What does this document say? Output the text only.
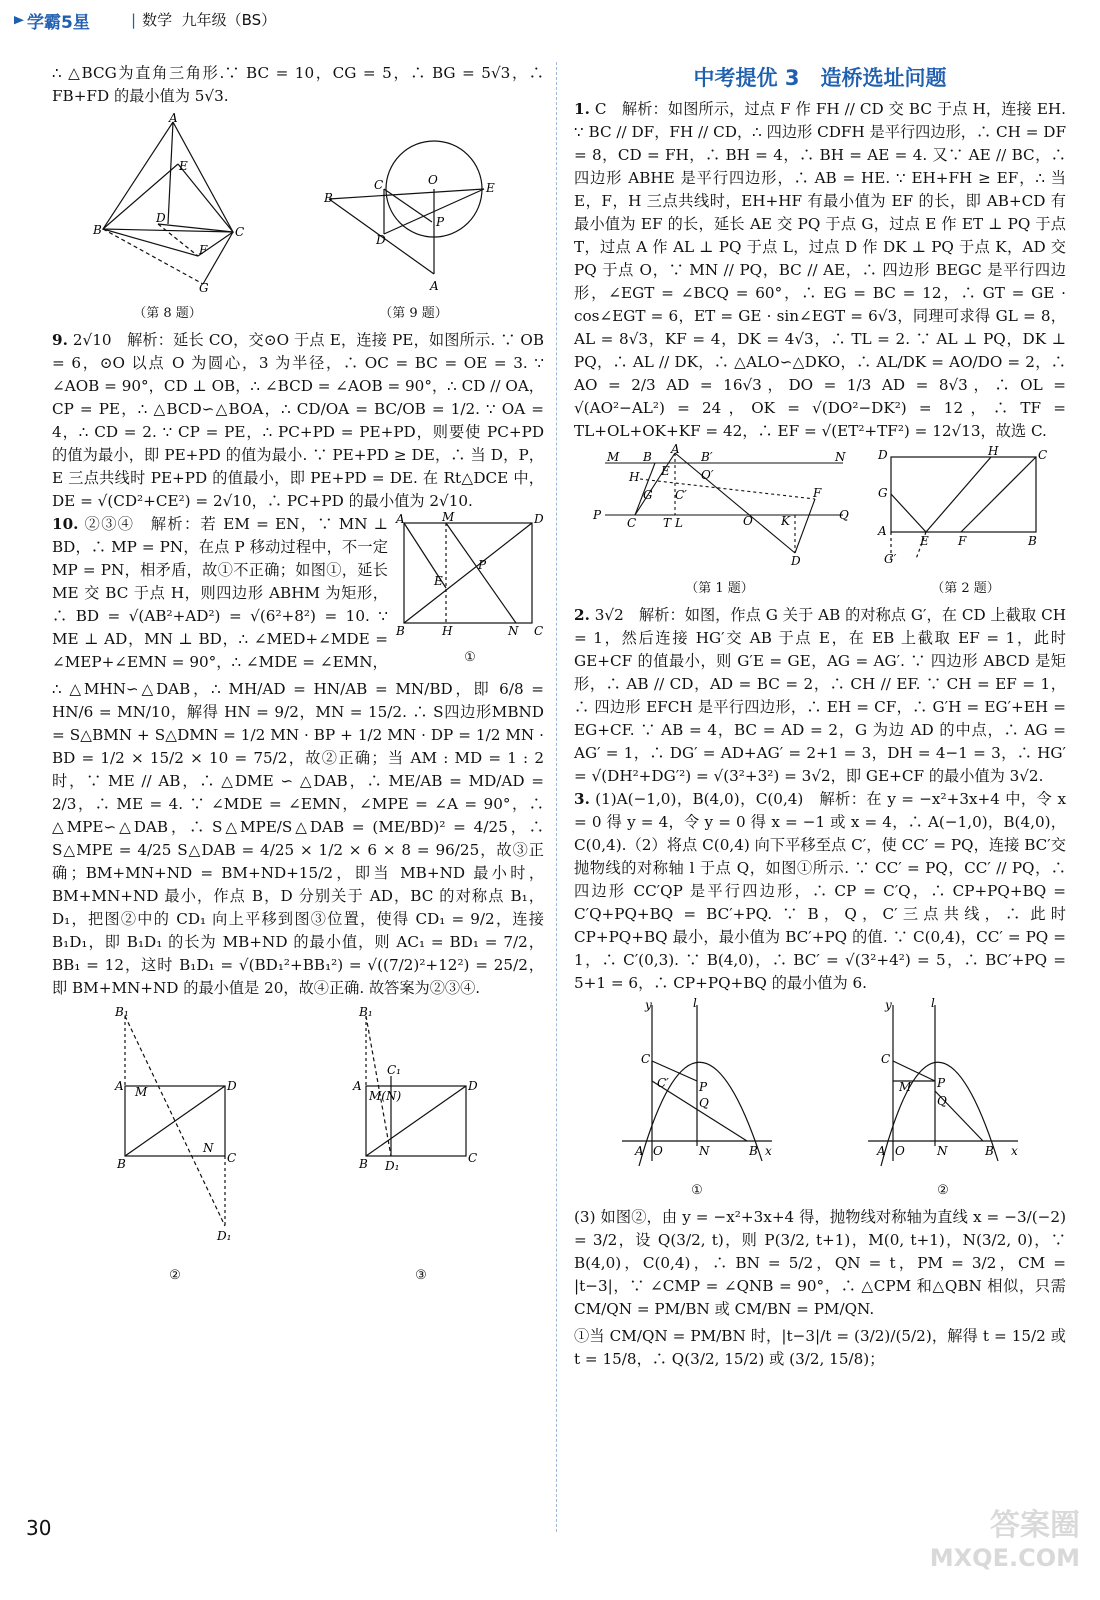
学霸5星	| 数学 九年级（BS）

∴ △BCG为直角三角形.∵ BC = 10，CG = 5，∴ BG = 5√3，∴ FB+FD 的最小值为 5√3.

A
E
B	C
D
F
G
（第 8 题）
B
C	O
E
D
P
A
（第 9 题）

9. 2√10　解析：延长 CO，交⊙O 于点 E，连接 PE，如图所示. ∵ OB = 6，⊙O 以点 O 为圆心，3 为半径，∴ OC = BC = OE = 3. ∵ ∠AOB = 90°，CD ⊥ OB，∴ ∠BCD = ∠AOB = 90°，∴ CD // OA，CP = PE，∴ △BCD∽△BOA，∴ CD/OA = BC/OB = 1/2. ∵ OA = 4，∴ CD = 2. ∵ CP = PE，∴ PC+PD = PE+PD，则要使 PC+PD 的值为最小，即 PE+PD 的值为最小. ∵ PE+PD ≥ DE，∴ 当 D，P，E 三点共线时 PE+PD 的值最小，即 PE+PD = DE. 在 Rt△DCE 中，DE = √(CD²+CE²) = 2√10，∴ PC+PD 的最小值为 2√10.

10. ②③④　解析：若 EM = EN，∵ MN ⊥ BD，∴ MP = PN，在点 P 移动过程中，不一定 MP = PN，相矛盾，故①不正确；如图①，延长 ME 交 BC 于点 H，则四边形 ABHM 为矩形，∴ BD = √(AB²+AD²) = √(6²+8²) = 10. ∵ ME ⊥ AD，MN ⊥ BD，∴ ∠MED+∠MDE = ∠MEP+∠EMN = 90°，∴ ∠MDE = ∠EMN，

A	M	D
B	H	N C
E
P
①

∴ △MHN∽△DAB，∴ MH/AD = HN/AB = MN/BD，即 6/8 = HN/6 = MN/10，解得 HN = 9/2，MN = 15/2. ∴ S四边形MBND = S△BMN + S△DMN = 1/2 MN · BP + 1/2 MN · DP = 1/2 MN · BD = 1/2 × 15/2 × 10 = 75/2，故②正确；当 AM : MD = 1 : 2 时，∵ ME // AB，∴ △DME ∽ △DAB，∴ ME/AB = MD/AD = 2/3，∴ ME = 4. ∵ ∠MDE = ∠EMN，∠MPE = ∠A = 90°，∴ △MPE∽△DAB，∴ S△MPE/S△DAB = (ME/BD)² = 4/25，∴ S△MPE = 4/25 S△DAB = 4/25 × 1/2 × 6 × 8 = 96/25，故③正确；BM+MN+ND = BM+ND+15/2，即当 MB+ND 最小时，BM+MN+ND 最小，作点 B，D 分别关于 AD，BC 的对称点 B₁，D₁，把图②中的 CD₁ 向上平移到图③位置，使得 CD₁ = 9/2，连接 B₁D₁，即 B₁D₁ 的长为 MB+ND 的最小值，则 AC₁ = BD₁ = 7/2，BB₁ = 12，这时 B₁D₁ = √(BD₁²+BB₁²) = √((7/2)²+12²) = 25/2，即 BM+MN+ND 的最小值是 20，故④正确. 故答案为②③④.

B₁
A M	D
B	C
N
D₁
②
B₁
A
C₁
M(N)
D
B D₁
C
③
中考提优 3　造桥选址问题

1. C　解析：如图所示，过点 F 作 FH // CD 交 BC 于点 H，连接 EH. ∵ BC // DF，FH // CD，∴ 四边形 CDFH 是平行四边形，∴ CH = DF = 8，CD = FH，∴ BH = 4，∴ BH = AE = 4. 又∵ AE // BC，∴ 四边形 ABHE 是平行四边形，∴ AB = HE. ∵ EH+FH ≥ EF，∴ 当 E，F，H 三点共线时，EH+HF 有最小值为 EF 的长，即 AB+CD 有最小值为 EF 的长，延长 AE 交 PQ 于点 G，过点 E 作 ET ⊥ PQ 于点 T，过点 A 作 AL ⊥ PQ 于点 L，过点 D 作 DK ⊥ PQ 于点 K，AD 交 PQ 于点 O，∵ MN // PQ，BC // AE，∴ 四边形 BEGC 是平行四边形，∠EGT = ∠BCQ = 60°，∴ EG = BC = 12，∴ GT = GE · cos∠EGT = 6，ET = GE · sin∠EGT = 6√3，同理可求得 GL = 8，AL = 8√3，KF = 4，DK = 4√3，∴ TL = 2. ∵ AL ⊥ PQ，DK ⊥ PQ，∴ AL // DK，∴ △ALO∽△DKO，∴ AL/DK = AO/DO = 2，∴ AO = 2/3 AD = 16√3，DO = 1/3 AD = 8√3，∴ OL = √(AO²−AL²) = 24，OK = √(DO²−DK²) = 12，∴ TF = TL+OL+OK+KF = 42，∴ EF = √(ET²+TF²) = 12√13，故选 C.

M	N
P	Q
A
B	B′
H	O′
C T L	O K
F
D
G C′
E
（第 1 题）
D	H	C
G
A
E F	B
G′
（第 2 题）

2. 3√2　解析：如图，作点 G 关于 AB 的对称点 G′，在 CD 上截取 CH = 1，然后连接 HG′交 AB 于点 E，在 EB 上截取 EF = 1，此时 GE+CF 的值最小，则 G′E = GE，AG = AG′. ∵ 四边形 ABCD 是矩形，∴ AB // CD，AD = BC = 2，∴ CH // EF. ∵ CH = EF = 1，∴ 四边形 EFCH 是平行四边形，∴ EH = CF，∴ G′H = EG′+EH = EG+CF. ∵ AB = 4，BC = AD = 2，G 为边 AD 的中点，∴ AG = AG′ = 1，∴ DG′ = AD+AG′ = 2+1 = 3，DH = 4−1 = 3，∴ HG′ = √(DH²+DG′²) = √(3²+3²) = 3√2，即 GE+CF 的最小值为 3√2.

3. (1)A(−1,0)，B(4,0)，C(0,4)　解析：在 y = −x²+3x+4 中，令 x = 0 得 y = 4，令 y = 0 得 x = −1 或 x = 4，∴ A(−1,0)，B(4,0)，C(0,4).（2）将点 C(0,4) 向下平移至点 C′，使 CC′ = PQ，连接 BC′交抛物线的对称轴 l 于点 Q，如图①所示. ∵ CC′ = PQ，CC′ // PQ，∴ 四边形 CC′QP 是平行四边形，∴ CP = C′Q，∴ CP+PQ+BQ = C′Q+PQ+BQ = BC′+PQ. ∵ B，Q，C′三点共线，∴ 此时 CP+PQ+BQ 最小，最小值为 BC′+PQ 的值. ∵ C(0,4)，CC′ = PQ = 1，∴ C′(0,3). ∵ B(4,0)，∴ BC′ = √(3²+4²) = 5，∴ BC′+PQ = 5+1 = 6，∴ CP+PQ+BQ 的最小值为 6.

y	l
C
C′	P
Q
A O	N	B x
①
y	l
C
M P
Q
A O	N	B x
②

(3) 如图②，由 y = −x²+3x+4 得，抛物线对称轴为直线 x = −3/(−2) = 3/2，设 Q(3/2, t)，则 P(3/2, t+1)，M(0, t+1)，N(3/2, 0)，∵ B(4,0)，C(0,4)，∴ BN = 5/2，QN = t，PM = 3/2，CM = |t−3|，∵ ∠CMP = ∠QNB = 90°，∴ △CPM 和△QBN 相似，只需 CM/QN = PM/BN 或 CM/BN = PM/QN.

①当 CM/QN = PM/BN 时，|t−3|/t = (3/2)/(5/2)，解得 t = 15/2 或 t = 15/8，∴ Q(3/2, 15/2) 或 (3/2, 15/8)；

30	答案圈
MXQE.COM
